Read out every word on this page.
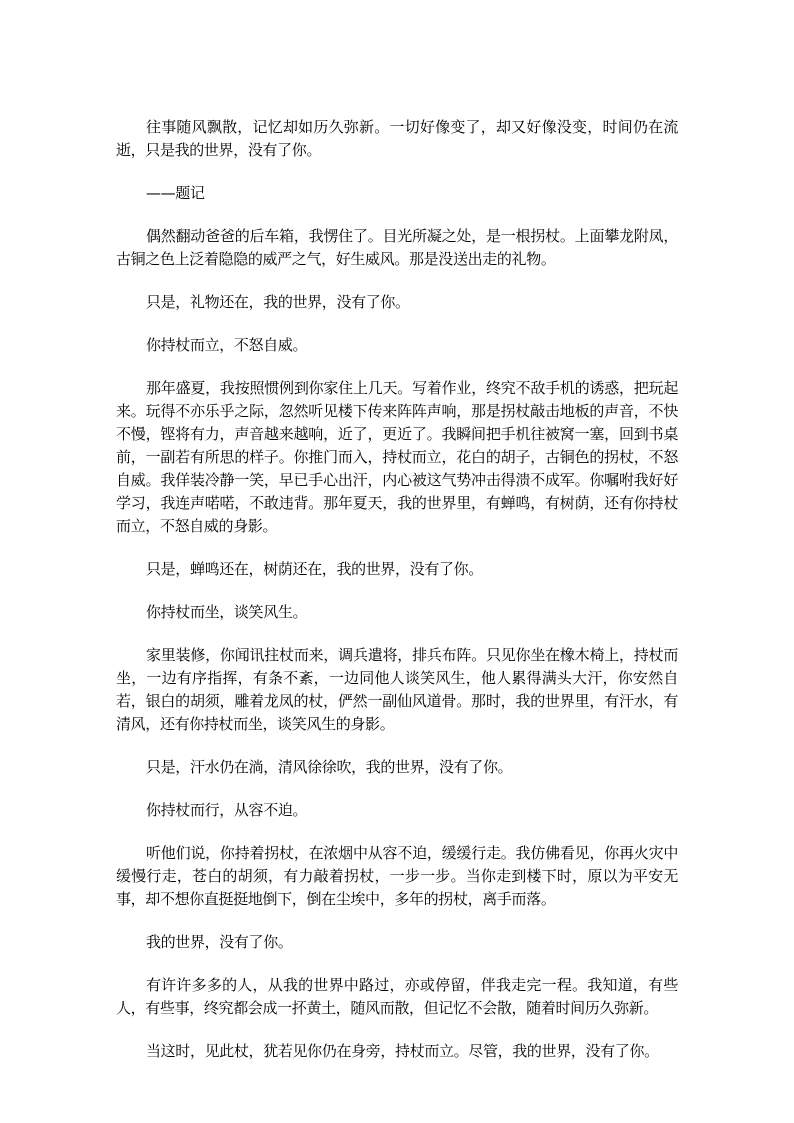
往事随风飘散，记忆却如历久弥新。一切好像变了，却又好像没变，时间仍在流逝，只是我的世界，没有了你。

——题记

偶然翻动爸爸的后车箱，我愣住了。目光所凝之处，是一根拐杖。上面攀龙附凤，古铜之色上泛着隐隐的威严之气，好生威风。那是没送出走的礼物。

只是，礼物还在，我的世界，没有了你。

你持杖而立，不怒自威。

那年盛夏，我按照惯例到你家住上几天。写着作业，终究不敌手机的诱惑，把玩起来。玩得不亦乐乎之际，忽然听见楼下传来阵阵声响，那是拐杖敲击地板的声音，不快不慢，铿将有力，声音越来越响，近了，更近了。我瞬间把手机往被窝一塞，回到书桌前，一副若有所思的样子。你推门而入，持杖而立，花白的胡子，古铜色的拐杖，不怒自威。我佯装冷静一笑，早已手心出汗，内心被这气势冲击得溃不成军。你嘱咐我好好学习，我连声喏喏，不敢违背。那年夏天，我的世界里，有蝉鸣，有树荫，还有你持杖而立，不怒自威的身影。

只是，蝉鸣还在，树荫还在，我的世界，没有了你。

你持杖而坐，谈笑风生。

家里装修，你闻讯拄杖而来，调兵遣将，排兵布阵。只见你坐在橡木椅上，持杖而坐，一边有序指挥，有条不紊，一边同他人谈笑风生，他人累得满头大汗，你安然自若，银白的胡须，雕着龙凤的杖，俨然一副仙风道骨。那时，我的世界里，有汗水，有清风，还有你持杖而坐，谈笑风生的身影。

只是，汗水仍在淌，清风徐徐吹，我的世界，没有了你。

你持杖而行，从容不迫。

听他们说，你持着拐杖，在浓烟中从容不迫，缓缓行走。我仿佛看见，你再火灾中缓慢行走，苍白的胡须，有力敲着拐杖，一步一步。当你走到楼下时，原以为平安无事，却不想你直挺挺地倒下，倒在尘埃中，多年的拐杖，离手而落。

我的世界，没有了你。

有许许多多的人，从我的世界中路过，亦或停留，伴我走完一程。我知道，有些人，有些事，终究都会成一抔黄土，随风而散，但记忆不会散，随着时间历久弥新。

当这时，见此杖，犹若见你仍在身旁，持杖而立。尽管，我的世界，没有了你。
